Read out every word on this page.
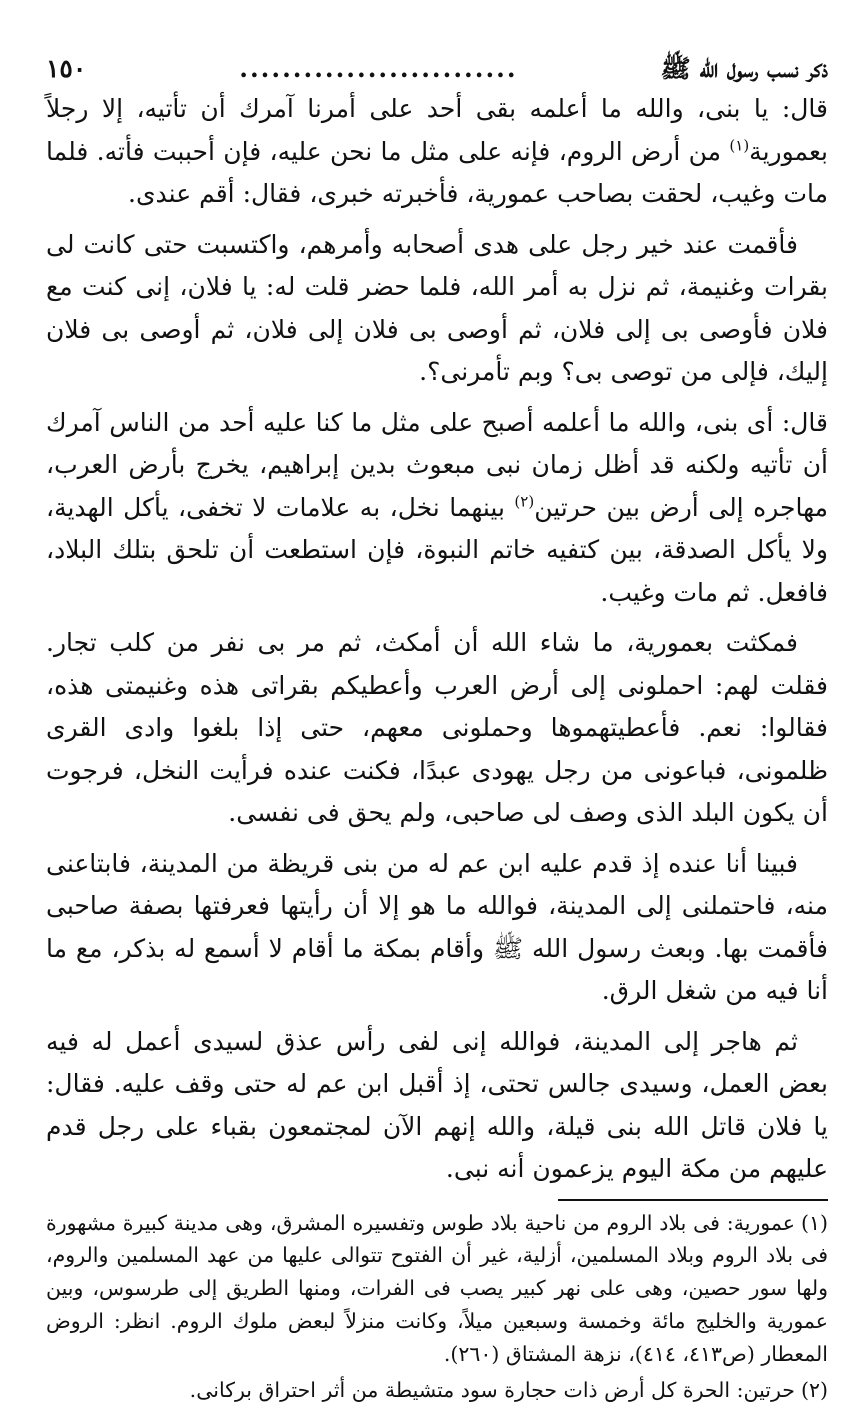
١٥٠	..........................	ذكر نسب رسول الله ﷺ

قال: يا بنى، والله ما أعلمه بقى أحد على أمرنا آمرك أن تأتيه، إلا رجلاً بعمورية$^{(١)}$ من أرض الروم، فإنه على مثل ما نحن عليه، فإن أحببت فأته. فلما مات وغيب، لحقت بصاحب عمورية، فأخبرته خبرى، فقال: أقم عندى.

فأقمت عند خير رجل على هدى أصحابه وأمرهم، واكتسبت حتى كانت لى بقرات وغنيمة، ثم نزل به أمر الله، فلما حضر قلت له: يا فلان، إنى كنت مع فلان فأوصى بى إلى فلان، ثم أوصى بى فلان إلى فلان، ثم أوصى بى فلان إليك، فإلى من توصى بى؟ وبم تأمرنى؟.

قال: أى بنى، والله ما أعلمه أصبح على مثل ما كنا عليه أحد من الناس آمرك أن تأتيه ولكنه قد أظل زمان نبى مبعوث بدين إبراهيم، يخرج بأرض العرب، مهاجره إلى أرض بين حرتين$^{(٢)}$ بينهما نخل، به علامات لا تخفى، يأكل الهدية، ولا يأكل الصدقة، بين كتفيه خاتم النبوة، فإن استطعت أن تلحق بتلك البلاد، فافعل. ثم مات وغيب.

فمكثت بعمورية، ما شاء الله أن أمكث، ثم مر بى نفر من كلب تجار. فقلت لهم: احملونى إلى أرض العرب وأعطيكم بقراتى هذه وغنيمتى هذه، فقالوا: نعم. فأعطيتهموها وحملونى معهم، حتى إذا بلغوا وادى القرى ظلمونى، فباعونى من رجل يهودى عبدًا، فكنت عنده فرأيت النخل، فرجوت أن يكون البلد الذى وصف لى صاحبى، ولم يحق فى نفسى.

فبينا أنا عنده إذ قدم عليه ابن عم له من بنى قريظة من المدينة، فابتاعنى منه، فاحتملنى إلى المدينة، فوالله ما هو إلا أن رأيتها فعرفتها بصفة صاحبى فأقمت بها. وبعث رسول الله ﷺ وأقام بمكة ما أقام لا أسمع له بذكر، مع ما أنا فيه من شغل الرق.

ثم هاجر إلى المدينة، فوالله إنى لفى رأس عذق لسيدى أعمل له فيه بعض العمل، وسيدى جالس تحتى، إذ أقبل ابن عم له حتى وقف عليه. فقال: يا فلان قاتل الله بنى قيلة، والله إنهم الآن لمجتمعون بقباء على رجل قدم عليهم من مكة اليوم يزعمون أنه نبى.

(١)عمورية: فى بلاد الروم من ناحية بلاد طوس وتفسيره المشرق، وهى مدينة كبيرة مشهورة فى بلاد الروم وبلاد المسلمين، أزلية، غير أن الفتوح تتوالى عليها من عهد المسلمين والروم، ولها سور حصين، وهى على نهر كبير يصب فى الفرات، ومنها الطريق إلى طرسوس، وبين عمورية والخليج مائة وخمسة وسبعين ميلاً، وكانت منزلاً لبعض ملوك الروم. انظر: الروض المعطار (ص٤١٣، ٤١٤)، نزهة المشتاق (٢٦٠).

(٢)حرتين: الحرة كل أرض ذات حجارة سود متشيطة من أثر احتراق بركانى.
